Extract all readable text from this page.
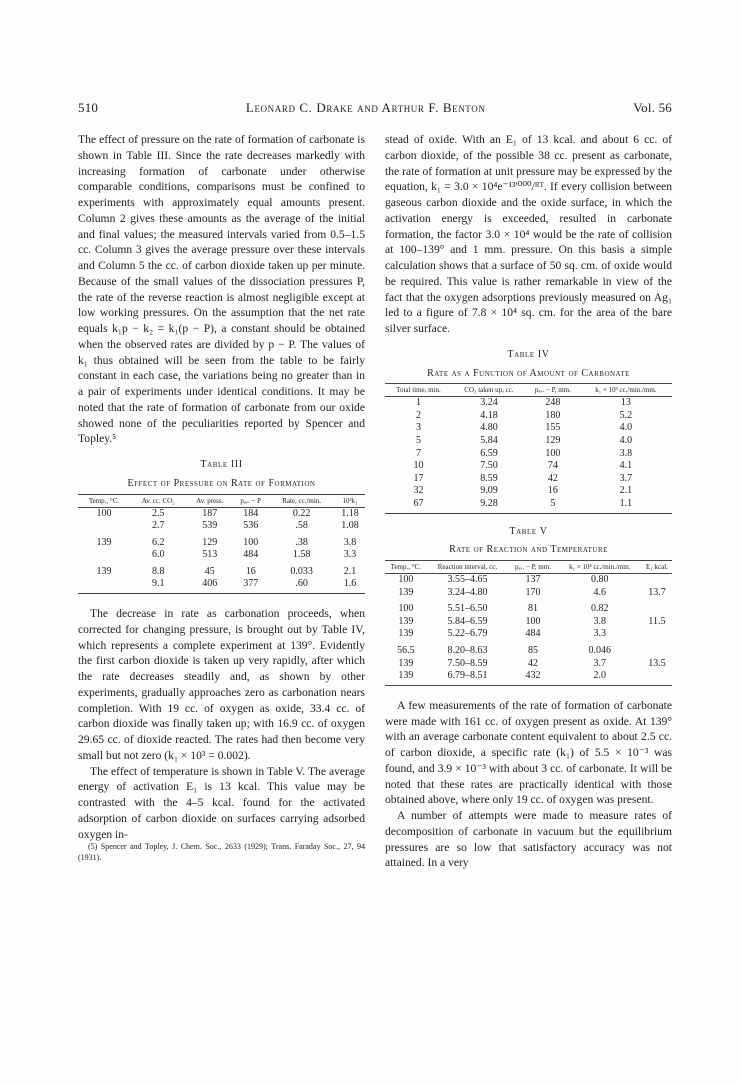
510	Leonard C. Drake and Arthur F. Benton	Vol. 56

The effect of pressure on the rate of formation of carbonate is shown in Table III. Since the rate decreases markedly with increasing formation of carbonate under otherwise comparable conditions, comparisons must be confined to experiments with approximately equal amounts present. Column 2 gives these amounts as the average of the initial and final values; the measured intervals varied from 0.5–1.5 cc. Column 3 gives the average pressure over these intervals and Column 5 the cc. of carbon dioxide taken up per minute. Because of the small values of the dissociation pressures P, the rate of the reverse reaction is almost negligible except at low working pressures. On the assumption that the net rate equals k₁p − k₂ = k₁(p − P), a constant should be obtained when the observed rates are divided by p − P. The values of k₁ thus obtained will be seen from the table to be fairly constant in each case, the variations being no greater than in a pair of experiments under identical conditions. It may be noted that the rate of formation of carbonate from our oxide showed none of the peculiarities reported by Spencer and Topley.⁵

Table III
Effect of Pressure on Rate of Formation
Temp., °C.	Av. cc. CO₂	Av. press.	pₐᵥ. − P	Rate, cc./min.	10³k₁
100	2.5	187	184	0.22	1.18
	2.7	539	536	.58	1.08
139	6.2	129	100	.38	3.8
	6.0	513	484	1.58	3.3
139	8.8	45	16	0.033	2.1
	9.1	406	377	.60	1.6

The decrease in rate as carbonation proceeds, when corrected for changing pressure, is brought out by Table IV, which represents a complete experiment at 139°. Evidently the first carbon dioxide is taken up very rapidly, after which the rate decreases steadily and, as shown by other experiments, gradually approaches zero as carbonation nears completion. With 19 cc. of oxygen as oxide, 33.4 cc. of carbon dioxide was finally taken up; with 16.9 cc. of oxygen 29.65 cc. of dioxide reacted. The rates had then become very small but not zero (k₁ × 10³ = 0.002).

The effect of temperature is shown in Table V. The average energy of activation E₁ is 13 kcal. This value may be contrasted with the 4–5 kcal. found for the activated adsorption of carbon dioxide on surfaces carrying adsorbed oxygen in-

(5) Spencer and Topley, J. Chem. Soc., 2633 (1929); Trans. Faraday Soc., 27, 94 (1931).

stead of oxide. With an E₁ of 13 kcal. and about 6 cc. of carbon dioxide, of the possible 38 cc. present as carbonate, the rate of formation at unit pressure may be expressed by the equation, k₁ = 3.0 × 10⁴e⁻¹³'⁰⁰⁰/ᴿᵀ. If every collision between gaseous carbon dioxide and the oxide surface, in which the activation energy is exceeded, resulted in carbonate formation, the factor 3.0 × 10⁴ would be the rate of collision at 100–139° and 1 mm. pressure. On this basis a simple calculation shows that a surface of 50 sq. cm. of oxide would be required. This value is rather remarkable in view of the fact that the oxygen adsorptions previously measured on Ag₁ led to a figure of 7.8 × 10⁴ sq. cm. for the area of the bare silver surface.

Table IV
Rate as a Function of Amount of Carbonate
Total time, min.	CO₂ taken up, cc.	pₐᵥ. − P, mm.	k₁ × 10³ cc./min./mm.
1	3.24	248	13
2	4.18	180	5.2
3	4.80	155	4.0
5	5.84	129	4.0
7	6.59	100	3.8
10	7.50	74	4.1
17	8.59	42	3.7
32	9.09	16	2.1
67	9.28	5	1.1
Table V
Rate of Reaction and Temperature
Temp., °C.	Reaction interval, cc.	pₐᵥ. − P, mm.	k₁ × 10³ cc./min./mm.	E₁ kcal.
100	3.55–4.65	137	0.80	
139	3.24–4.80	170	4.6	13.7
100	5.51–6.50	81	0.82	
139	5.84–6.59	100	3.8	11.5
139	5.22–6.79	484	3.3	
56.5	8.20–8.63	85	0.046	
139	7.50–8.59	42	3.7	13.5
139	6.79–8.51	432	2.0	

A few measurements of the rate of formation of carbonate were made with 161 cc. of oxygen present as oxide. At 139° with an average carbonate content equivalent to about 2.5 cc. of carbon dioxide, a specific rate (k₁) of 5.5 × 10⁻³ was found, and 3.9 × 10⁻³ with about 3 cc. of carbonate. It will be noted that these rates are practically identical with those obtained above, where only 19 cc. of oxygen was present.

A number of attempts were made to measure rates of decomposition of carbonate in vacuum but the equilibrium pressures are so low that satisfactory accuracy was not attained. In a very
